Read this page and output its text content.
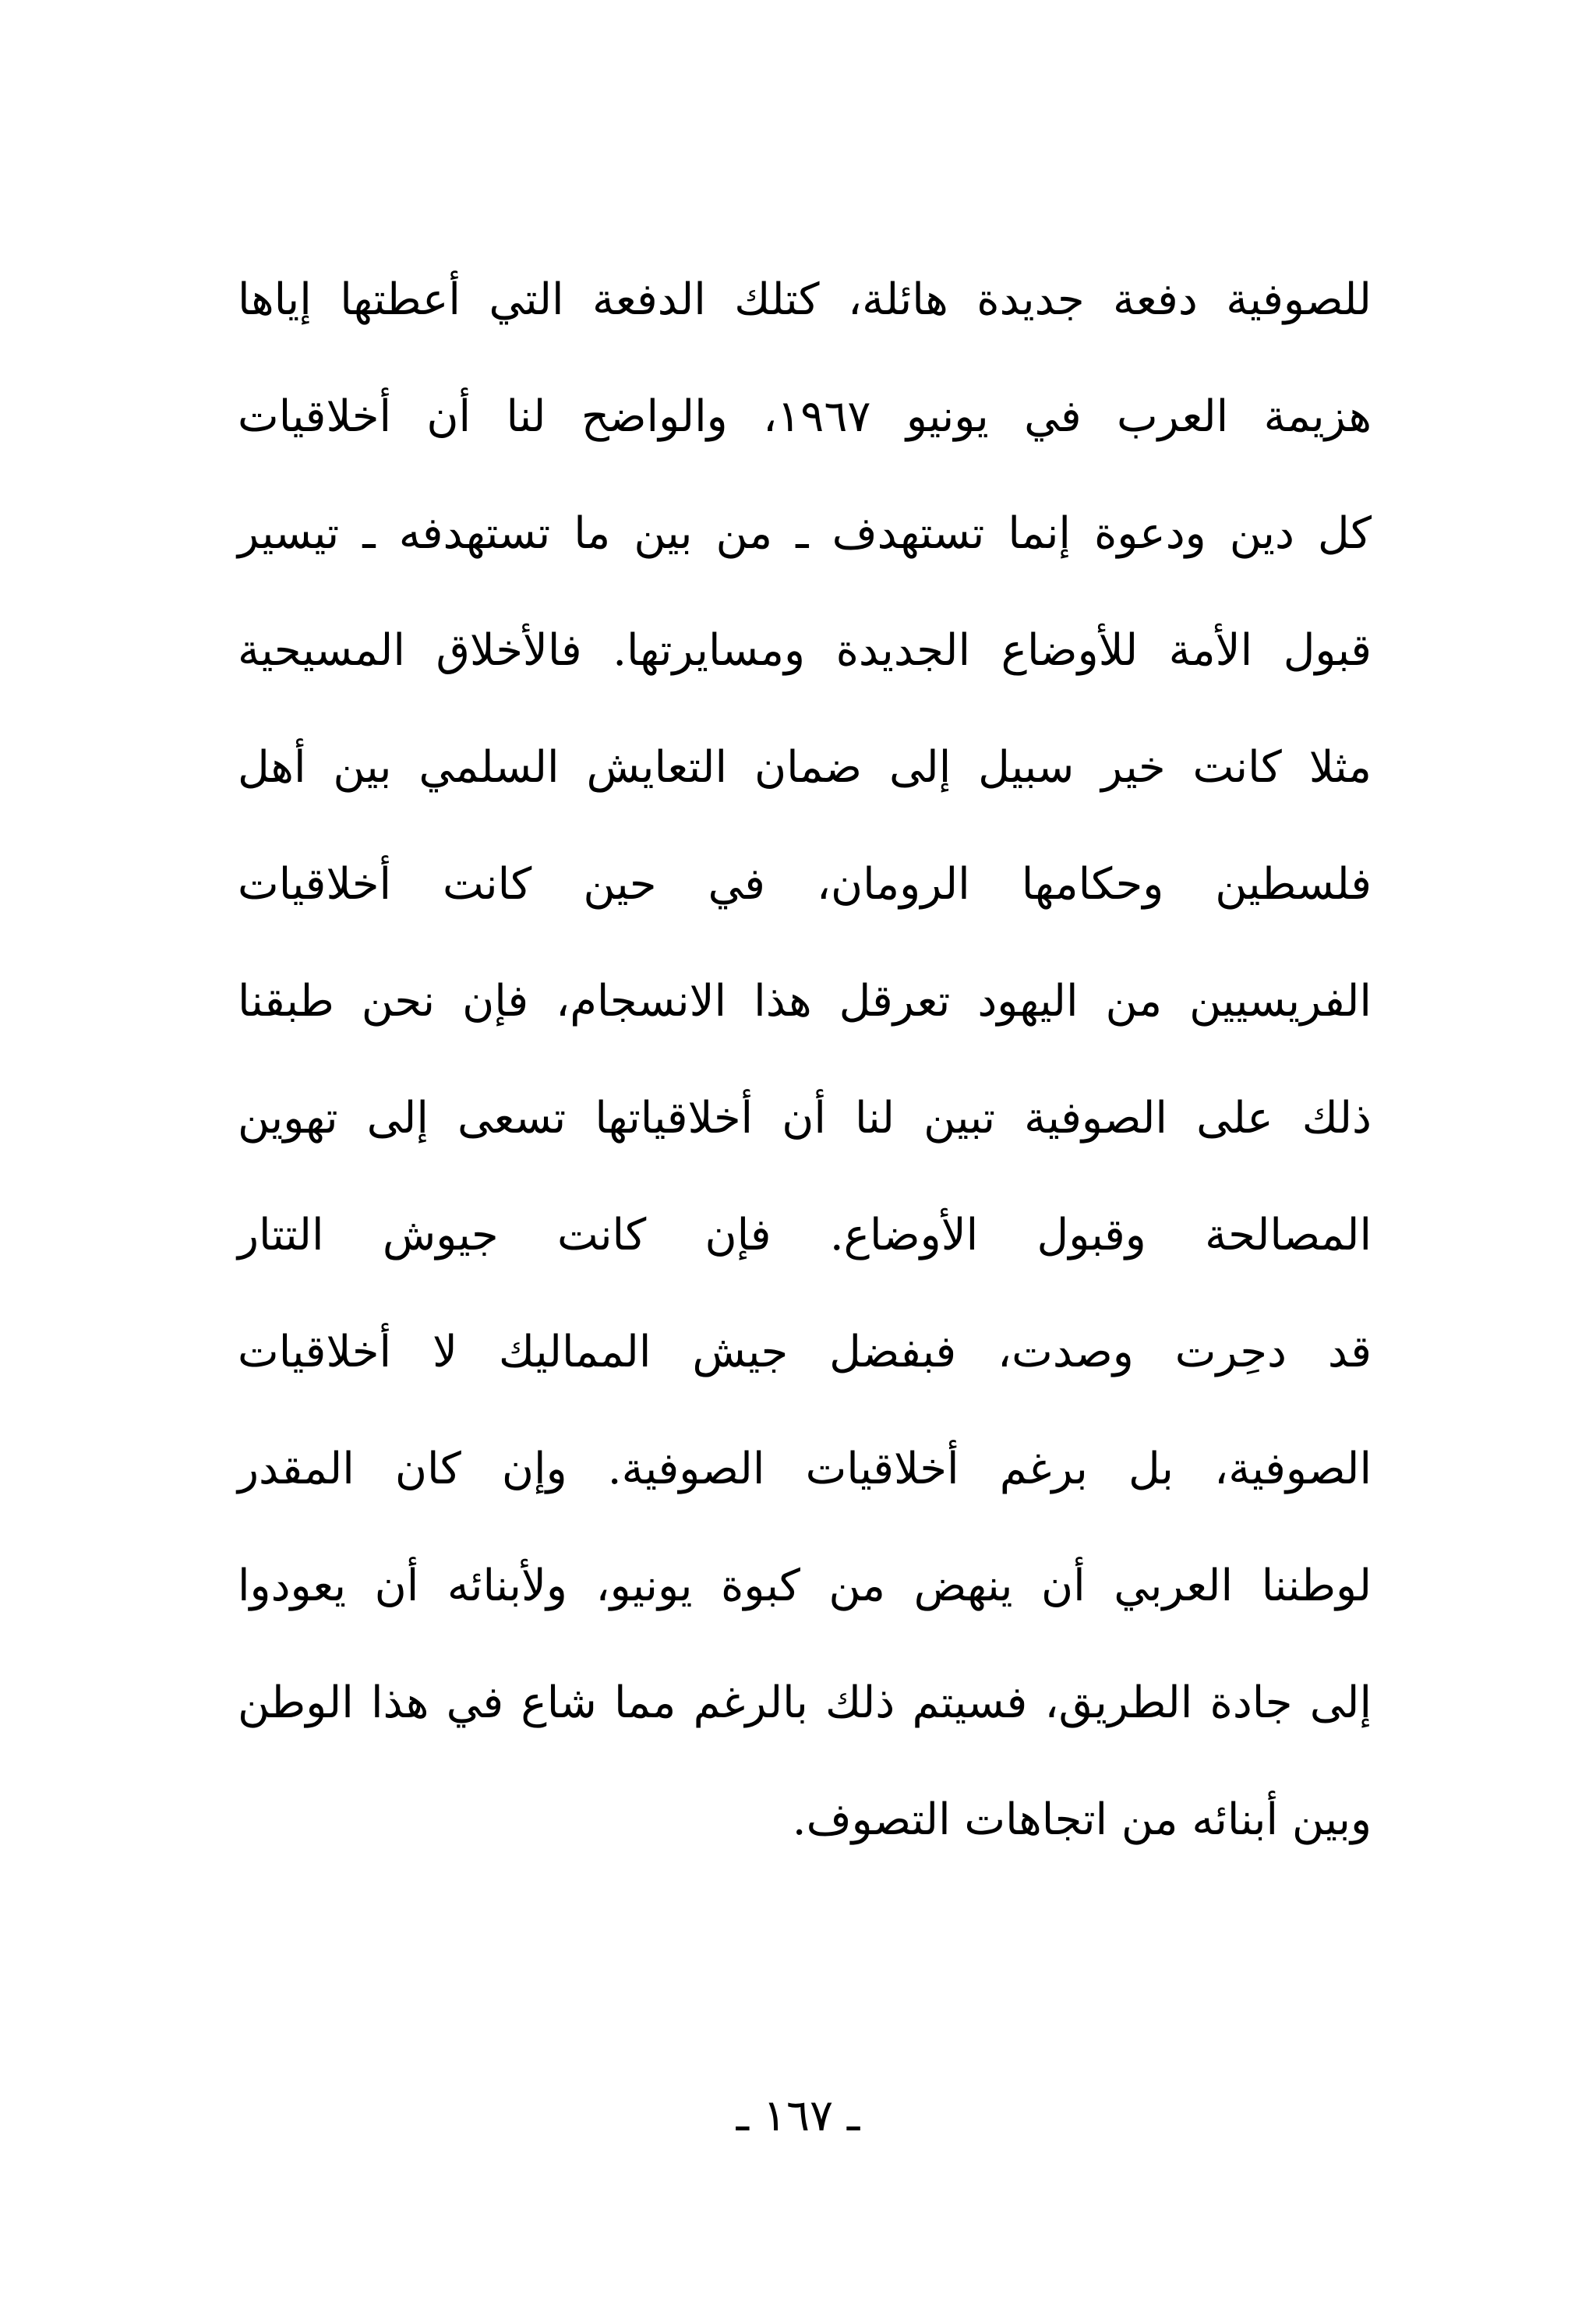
للصوفية دفعة جديدة هائلة، كتلك الدفعة التي أعطتها إياها
هزيمة العرب في يونيو ١٩٦٧، والواضح لنا أن أخلاقيات
كل دين ودعوة إنما تستهدف ـ من بين ما تستهدفه ـ تيسير
قبول الأمة للأوضاع الجديدة ومسايرتها. فالأخلاق المسيحية
مثلا كانت خير سبيل إلى ضمان التعايش السلمي بين أهل
فلسطين وحكامها الرومان، في حين كانت أخلاقيات
الفريسيين من اليهود تعرقل هذا الانسجام، فإن نحن طبقنا
ذلك على الصوفية تبين لنا أن أخلاقياتها تسعى إلى تهوين
المصالحة وقبول الأوضاع. فإن كانت جيوش التتار
قد دحِرت وصدت، فبفضل جيش المماليك لا أخلاقيات
الصوفية، بل برغم أخلاقيات الصوفية. وإن كان المقدر
لوطننا العربي أن ينهض من كبوة يونيو، ولأبنائه أن يعودوا
إلى جادة الطريق، فسيتم ذلك بالرغم مما شاع في هذا الوطن
وبين أبنائه من اتجاهات التصوف.
ـ ١٦٧ ـ
